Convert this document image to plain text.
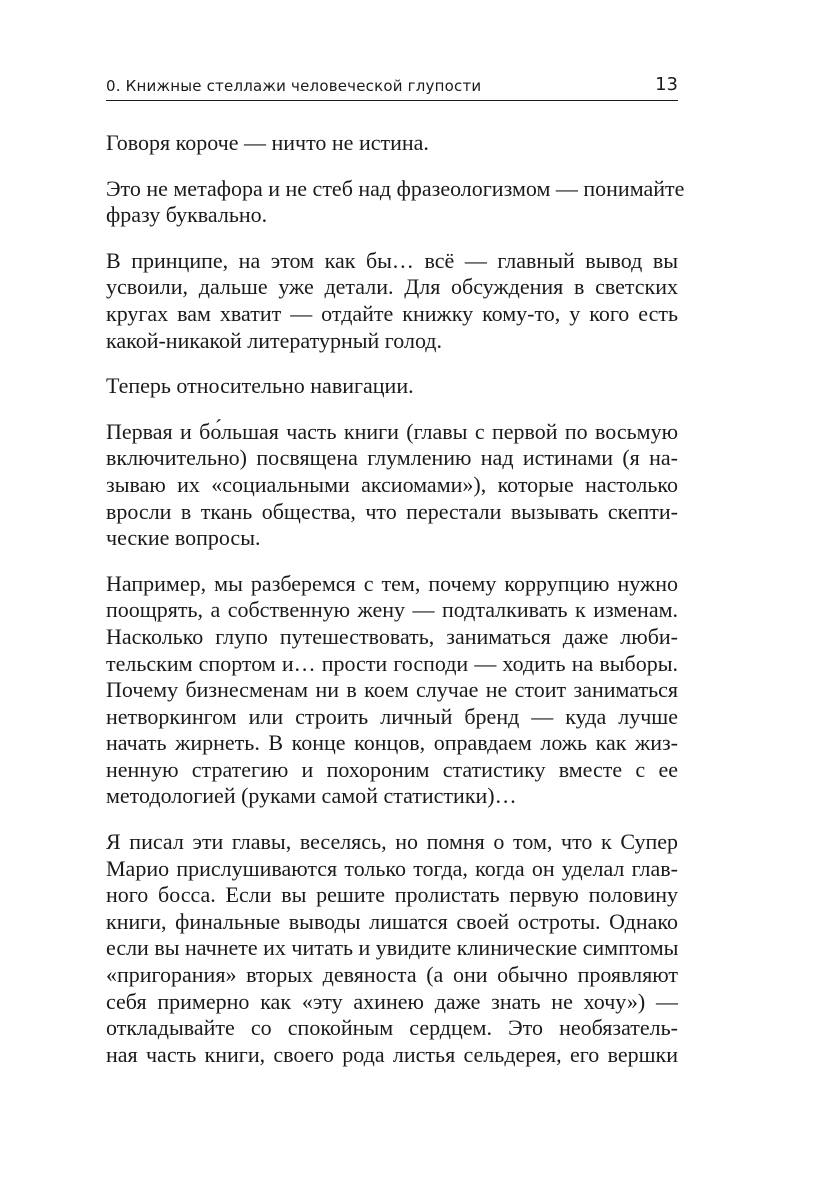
0. Книжные стеллажи человеческой глупости	13

Говоря короче — ничто не истина.

Это не метафора и не стеб над фразеологизмом — понимайте
фразу буквально.

В принципе, на этом как бы… всё — главный вывод вы
усвоили, дальше уже детали. Для обсуждения в светских
кругах вам хватит — отдайте книжку кому-то, у кого есть
какой-никакой литературный голод.

Теперь относительно навигации.

Первая и бо́льшая часть книги (главы с первой по восьмую
включительно) посвящена глумлению над истинами (я на-
зываю их «социальными аксиомами»), которые настолько
вросли в ткань общества, что перестали вызывать скепти-
ческие вопросы.

Например, мы разберемся с тем, почему коррупцию нужно
поощрять, а собственную жену — подталкивать к изменам.
Насколько глупо путешествовать, заниматься даже люби-
тельским спортом и… прости господи — ходить на выборы.
Почему бизнесменам ни в коем случае не стоит заниматься
нетворкингом или строить личный бренд — куда лучше
начать жирнеть. В конце концов, оправдаем ложь как жиз-
ненную стратегию и похороним статистику вместе с ее
методологией (руками самой статистики)…

Я писал эти главы, веселясь, но помня о том, что к Супер
Марио прислушиваются только тогда, когда он уделал глав-
ного босса. Если вы решите пролистать первую половину
книги, финальные выводы лишатся своей остроты. Однако
если вы начнете их читать и увидите клинические симптомы
«пригорания» вторых девяноста (а они обычно проявляют
себя примерно как «эту ахинею даже знать не хочу») —
откладывайте со спокойным сердцем. Это необязатель-
ная часть книги, своего рода листья сельдерея, его вершки
